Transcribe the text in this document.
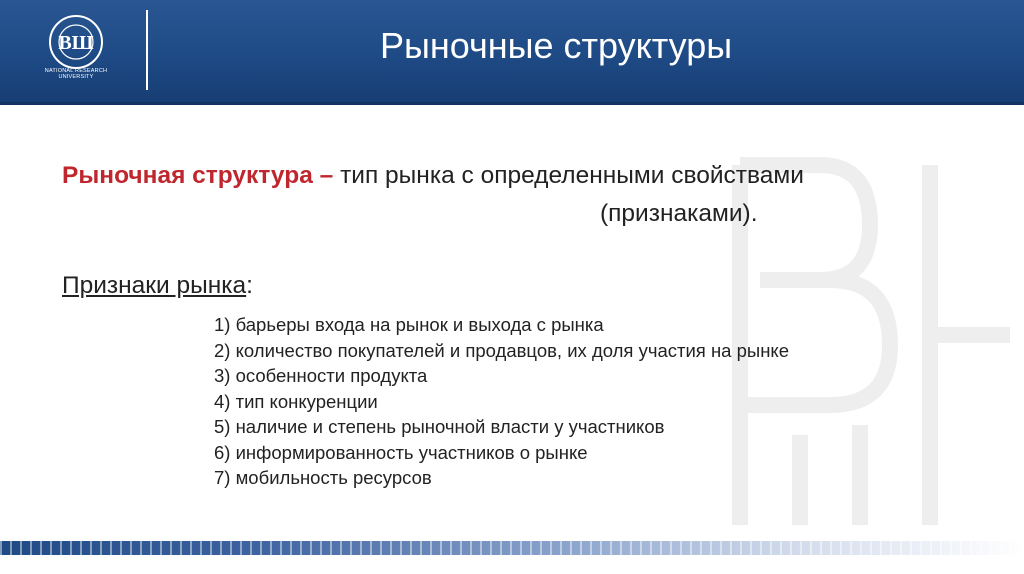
ВШ
NATIONAL RESEARCH UNIVERSITY
Рыночные структуры
Рыночная структура – тип рынка с определенными свойствами
(признаками).
Признаки рынка:
1) барьеры входа на рынок и выхода с рынка
2) количество покупателей и продавцов, их доля участия на рынке
3) особенности продукта
4) тип конкуренции
5) наличие и степень рыночной власти у участников
6) информированность участников о рынке
7) мобильность ресурсов
